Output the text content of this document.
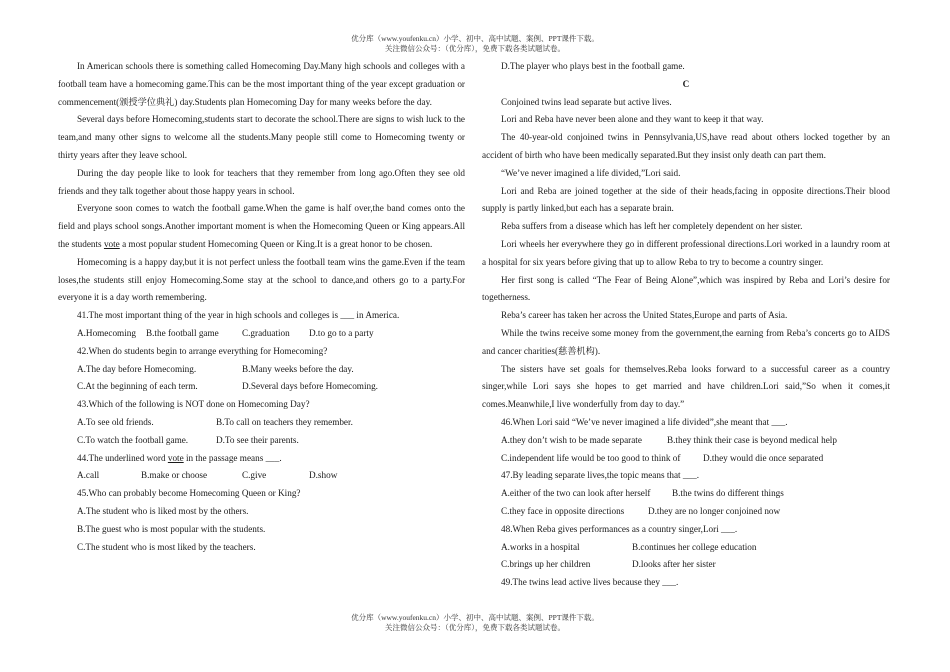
优分库（www.youfenku.cn）小学、初中、高中试题、案例、PPT课件下载。
关注微信公众号：（优分库），免费下载各类试题试卷。

In American schools there is something called Homecoming Day.Many high schools and colleges with a football team have a homecoming game.This can be the most important thing of the year except graduation or commencement(颁授学位典礼) day.Students plan Homecoming Day for many weeks before the day.

Several days before Homecoming,students start to decorate the school.There are signs to wish luck to the team,and many other signs to welcome all the students.Many people still come to Homecoming twenty or thirty years after they leave school.

During the day people like to look for teachers that they remember from long ago.Often they see old friends and they talk together about those happy years in school.

Everyone soon comes to watch the football game.When the game is half over,the band comes onto the field and plays school songs.Another important moment is when the Homecoming Queen or King appears.All the students vote a most popular student Homecoming Queen or King.It is a great honor to be chosen.

Homecoming is a happy day,but it is not perfect unless the football team wins the game.Even if the team loses,the students still enjoy Homecoming.Some stay at the school to dance,and others go to a party.For everyone it is a day worth remembering.

41.The most important thing of the year in high schools and colleges is ___ in America.

A.Homecoming B.the football game	C.graduation D.to go to a party

42.When do students begin to arrange everything for Homecoming?

A.The day before Homecoming.	B.Many weeks before the day.

C.At the beginning of each term.	D.Several days before Homecoming.

43.Which of the following is NOT done on Homecoming Day?

A.To see old friends.	B.To call on teachers they remember.

C.To watch the football game.	D.To see their parents.

44.The underlined word vote in the passage means ___.

A.call	B.make or choose	C.give	D.show

45.Who can probably become Homecoming Queen or King?

A.The student who is liked most by the others.

B.The guest who is most popular with the students.

C.The student who is most liked by the teachers.

D.The player who plays best in the football game.

C

Conjoined twins lead separate but active lives.

Lori and Reba have never been alone and they want to keep it that way.

The 40-year-old conjoined twins in Pennsylvania,US,have read about others locked together by an accident of birth who have been medically separated.But they insist only death can part them.

“We’ve never imagined a life divided,”Lori said.

Lori and Reba are joined together at the side of their heads,facing in opposite directions.Their blood supply is partly linked,but each has a separate brain.

Reba suffers from a disease which has left her completely dependent on her sister.

Lori wheels her everywhere they go in different professional directions.Lori worked in a laundry room at a hospital for six years before giving that up to allow Reba to try to become a country singer.

Her first song is called “The Fear of Being Alone”,which was inspired by Reba and Lori’s desire for togetherness.

Reba’s career has taken her across the United States,Europe and parts of Asia.

While the twins receive some money from the government,the earning from Reba’s concerts go to AIDS and cancer charities(慈善机构).

The sisters have set goals for themselves.Reba looks forward to a successful career as a country singer,while Lori says she hopes to get married and have children.Lori said,”So when it comes,it comes.Meanwhile,I live wonderfully from day to day.”

46.When Lori said “We’ve never imagined a life divided”,she meant that ___.

A.they don’t wish to be made separate	B.they think their case is beyond medical help

C.independent life would be too good to think of D.they would die once separated

47.By leading separate lives,the topic means that ___.

A.either of the two can look after herself B.the twins do different things

C.they face in opposite directions	D.they are no longer conjoined now

48.When Reba gives performances as a country singer,Lori ___.

A.works in a hospital	B.continues her college education

C.brings up her children	D.looks after her sister

49.The twins lead active lives because they ___.

优分库（www.youfenku.cn）小学、初中、高中试题、案例、PPT课件下载。
关注微信公众号：（优分库），免费下载各类试题试卷。
